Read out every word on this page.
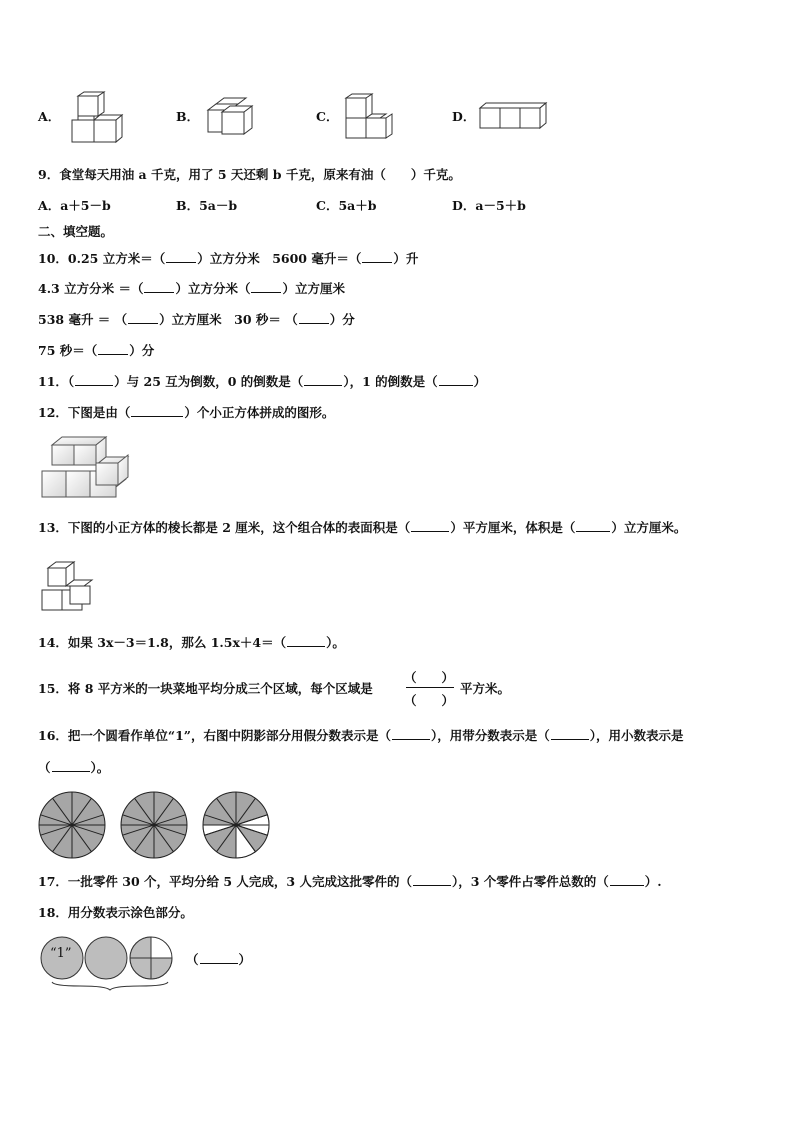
A．	B．	C．	D．
9．食堂每天用油 a 千克，用了 5 天还剩 b 千克，原来有油（　　）千克。
A．a＋5－b	B．5a－b	C．5a＋b	D．a－5＋b
二、填空题。
10．0.25 立方米＝（	）立方分米　5600 毫升＝（	）升
4.3 立方分米 ＝（	）立方分米（	）立方厘米
538 毫升 ＝ （	）立方厘米　30 秒＝ （	）分
75 秒＝（	）分
11．（	）与 25 互为倒数，0 的倒数是（	），1 的倒数是（	）
12．下图是由（	）个小正方体拼成的图形。
13．下图的小正方体的棱长都是 2 厘米，这个组合体的表面积是（	）平方厘米，体积是（	）立方厘米。
14．如果 3x－3＝1.8，那么 1.5x＋4＝（	）。
15．将 8 平方米的一块菜地平均分成三个区域，每个区域是
（　　）
（　　）
平方米。
16．把一个圆看作单位“1”，右图中阴影部分用假分数表示是（	），用带分数表示是（	），用小数表示是
（	）。
17．一批零件 30 个，平均分给 5 人完成，3 人完成这批零件的（	），3 个零件占零件总数的（	）.
18．用分数表示涂色部分。
“1”	（	）
